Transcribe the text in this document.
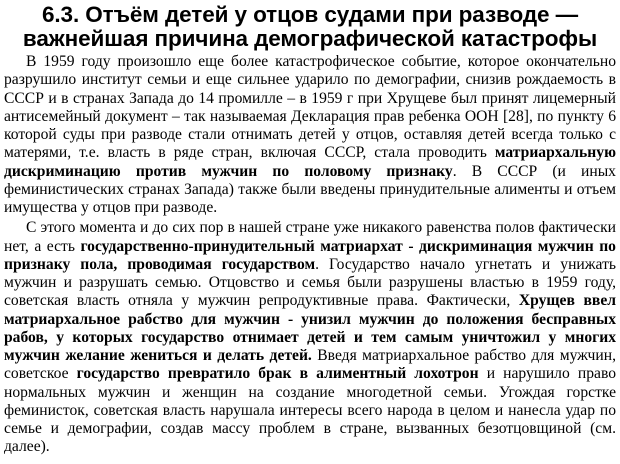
6.3. Отъём детей у отцов судами при разводе —
важнейшая причина демографической катастрофы

В 1959 году произошло еще более катастрофическое событие, которое окончательно разрушило институт семьи и еще сильнее ударило по демографии, снизив рождаемость в СССР и в странах Запада до 14 промилле – в 1959 г при Хрущеве был принят лицемерный антисемейный документ – так называемая Декларация прав ребенка ООН [28], по пункту 6 которой суды при разводе стали отнимать детей у отцов, оставляя детей всегда только с матерями, т.е. власть в ряде стран, включая СССР, стала проводить матриархальную дискриминацию против мужчин по половому признаку. В СССР (и иных феминистических странах Запада) также были введены принудительные алименты и отъем имущества у отцов при разводе.

С этого момента и до сих пор в нашей стране уже никакого равенства полов фактически нет, а есть государственно-принудительный матриархат - дискриминация мужчин по признаку пола, проводимая государством. Государство начало угнетать и унижать мужчин и разрушать семью. Отцовство и семья были разрушены властью в 1959 году, советская власть отняла у мужчин репродуктивные права. Фактически, Хрущев ввел матриархальное рабство для мужчин - унизил мужчин до положения бесправных рабов, у которых государство отнимает детей и тем самым уничтожил у многих мужчин желание жениться и делать детей. Введя матриархальное рабство для мужчин, советское государство превратило брак в алиментный лохотрон и нарушило право нормальных мужчин и женщин на создание многодетной семьи. Угождая горстке феминисток, советская власть нарушала интересы всего народа в целом и нанесла удар по семье и демографии, создав массу проблем в стране, вызванных безотцовщиной (см. далее).
